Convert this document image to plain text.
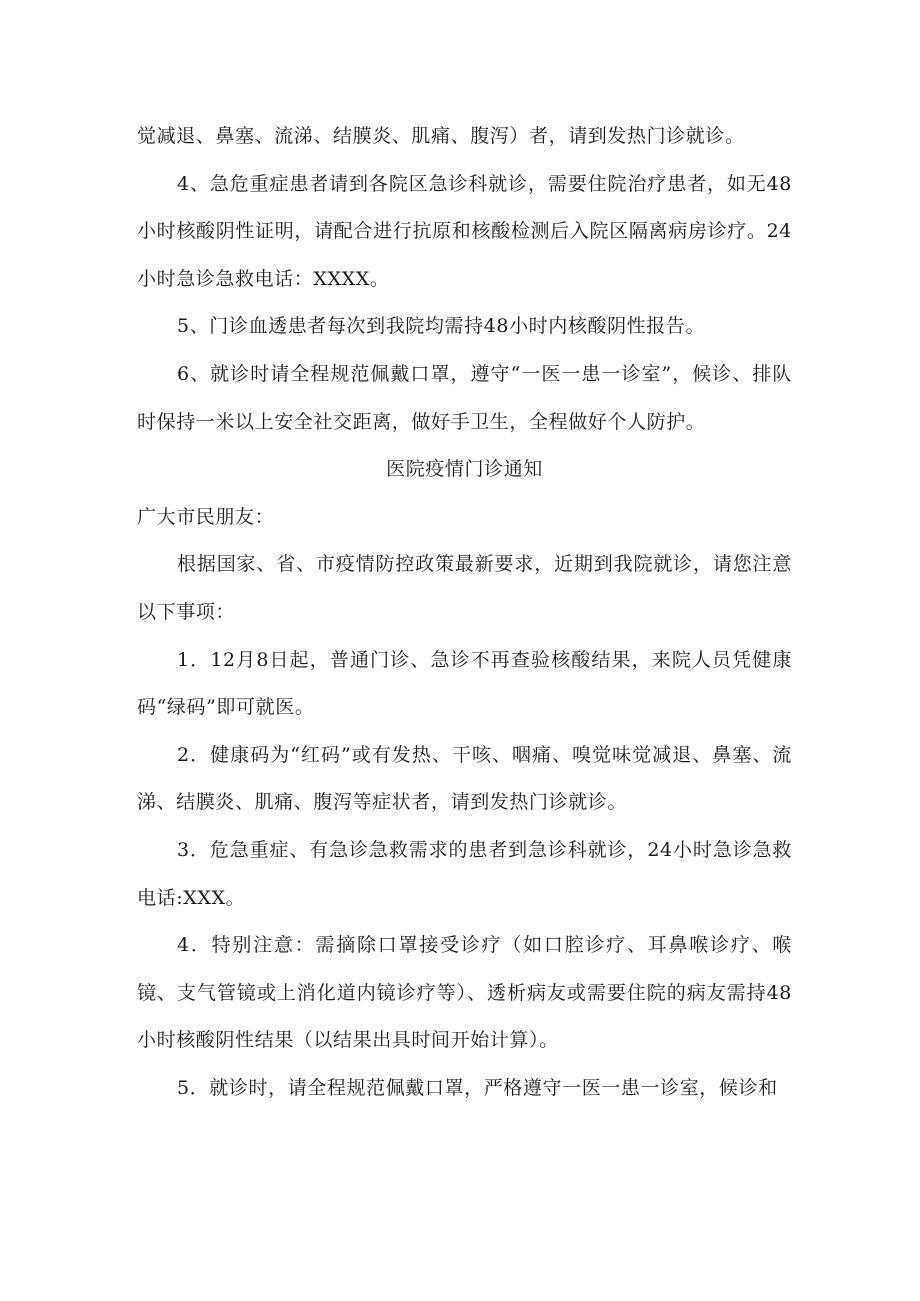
觉减退、鼻塞、流涕、结膜炎、肌痛、腹泻）者，请到发热门诊就诊。

4、急危重症患者请到各院区急诊科就诊，需要住院治疗患者，如无48小时核酸阴性证明，请配合进行抗原和核酸检测后入院区隔离病房诊疗。24小时急诊急救电话：XXXX。

5、门诊血透患者每次到我院均需持48小时内核酸阴性报告。

6、就诊时请全程规范佩戴口罩，遵守“一医一患一诊室”，候诊、排队时保持一米以上安全社交距离，做好手卫生，全程做好个人防护。

医院疫情门诊通知

广大市民朋友：

根据国家、省、市疫情防控政策最新要求，近期到我院就诊，请您注意以下事项：

1．12月8日起，普通门诊、急诊不再查验核酸结果，来院人员凭健康码“绿码”即可就医。

2．健康码为“红码”或有发热、干咳、咽痛、嗅觉味觉减退、鼻塞、流涕、结膜炎、肌痛、腹泻等症状者，请到发热门诊就诊。

3．危急重症、有急诊急救需求的患者到急诊科就诊，24小时急诊急救电话:XXX。

4．特别注意：需摘除口罩接受诊疗（如口腔诊疗、耳鼻喉诊疗、喉镜、支气管镜或上消化道内镜诊疗等）、透析病友或需要住院的病友需持48小时核酸阴性结果（以结果出具时间开始计算）。

5．就诊时，请全程规范佩戴口罩，严格遵守一医一患一诊室，候诊和
